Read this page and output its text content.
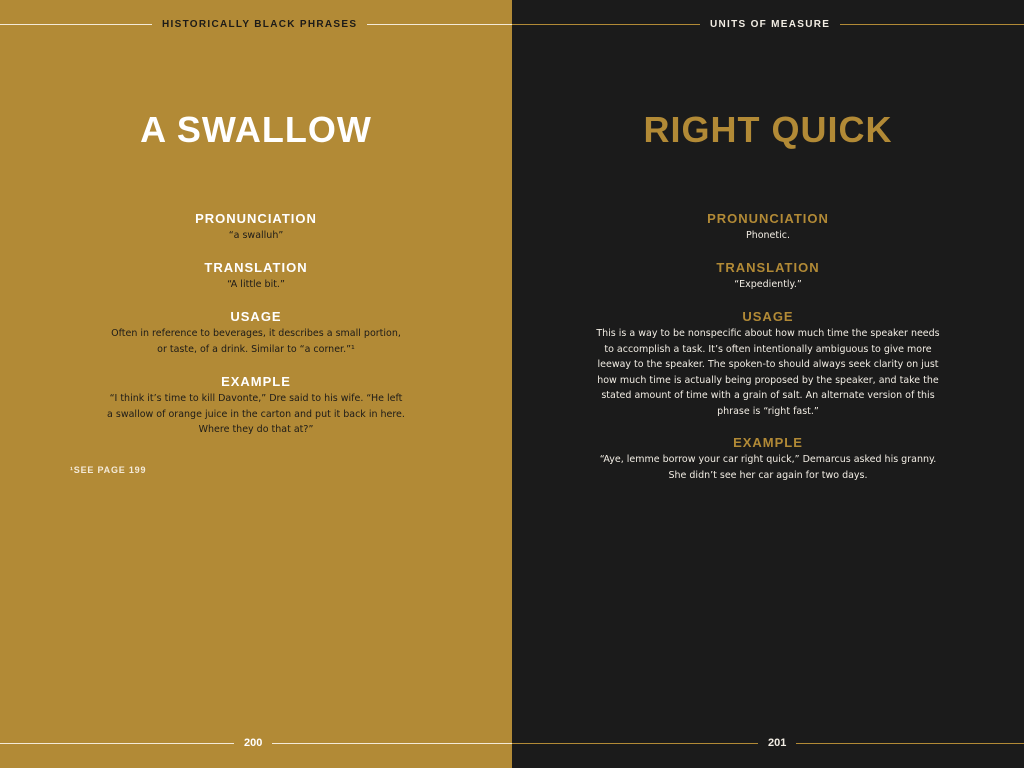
HISTORICALLY BLACK PHRASES
A SWALLOW
PRONUNCIATION
“a swalluh”
TRANSLATION
“A little bit.”
USAGE
Often in reference to beverages, it describes a small portion,
or taste, of a drink. Similar to “a corner.”¹
EXAMPLE
“I think it’s time to kill Davonte,” Dre said to his wife. “He left
a swallow of orange juice in the carton and put it back in here.
Where they do that at?”
¹SEE PAGE 199
200
UNITS OF MEASURE
RIGHT QUICK
PRONUNCIATION
Phonetic.
TRANSLATION
“Expediently.”
USAGE
This is a way to be nonspecific about how much time the speaker needs
to accomplish a task. It’s often intentionally ambiguous to give more
leeway to the speaker. The spoken-to should always seek clarity on just
how much time is actually being proposed by the speaker, and take the
stated amount of time with a grain of salt. An alternate version of this
phrase is “right fast.”
EXAMPLE
“Aye, lemme borrow your car right quick,” Demarcus asked his granny.
She didn’t see her car again for two days.
201
